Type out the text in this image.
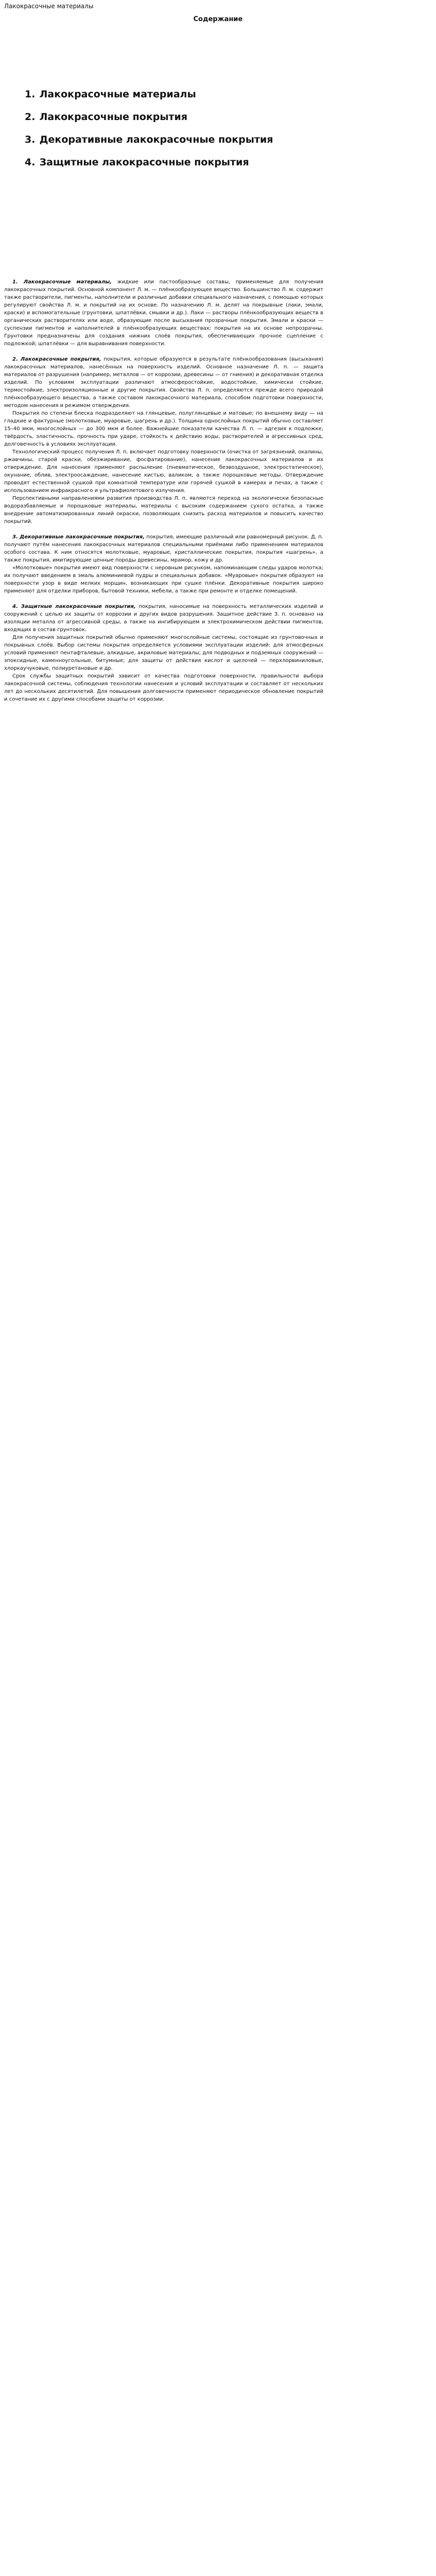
Лакокрасочные материалы
Содержание
1. Лакокрасочные материалы
2. Лакокрасочные покрытия
3. Декоративные лакокрасочные покрытия
4. Защитные лакокрасочные покрытия

1. Лакокрасочные материалы, жидкие или пастообразные составы, применяемые для получения лакокрасочных покрытий. Основной компонент Л. м. — плёнкообразующее вещество. Большинство Л. м. содержит также растворители, пигменты, наполнители и различные добавки специального назначения, с помощью которых регулируют свойства Л. м. и покрытий на их основе. По назначению Л. м. делят на покрывные (лаки, эмали, краски) и вспомогательные (грунтовки, шпатлёвки, смывки и др.). Лаки — растворы плёнкообразующих веществ в органических растворителях или воде, образующие после высыхания прозрачные покрытия. Эмали и краски — суспензии пигментов и наполнителей в плёнкообразующих веществах; покрытия на их основе непрозрачны. Грунтовки предназначены для создания нижних слоёв покрытия, обеспечивающих прочное сцепление с подложкой; шпатлёвки — для выравнивания поверхности.

2. Лакокрасочные покрытия, покрытия, которые образуются в результате плёнкообразования (высыхания) лакокрасочных материалов, нанесённых на поверхность изделий. Основное назначение Л. п. — защита материалов от разрушения (например, металлов — от коррозии, древесины — от гниения) и декоративная отделка изделий. По условиям эксплуатации различают атмосферостойкие, водостойкие, химически стойкие, термостойкие, электроизоляционные и другие покрытия. Свойства Л. п. определяются прежде всего природой плёнкообразующего вещества, а также составом лакокрасочного материала, способом подготовки поверхности, методом нанесения и режимом отверждения.

Покрытия по степени блеска подразделяют на глянцевые, полуглянцевые и матовые; по внешнему виду — на гладкие и фактурные (молотковые, муаровые, шагрень и др.). Толщина однослойных покрытий обычно составляет 15–40 мкм, многослойных — до 300 мкм и более. Важнейшие показатели качества Л. п. — адгезия к подложке, твёрдость, эластичность, прочность при ударе, стойкость к действию воды, растворителей и агрессивных сред, долговечность в условиях эксплуатации.

Технологический процесс получения Л. п. включает подготовку поверхности (очистка от загрязнений, окалины, ржавчины, старой краски, обезжиривание, фосфатирование), нанесение лакокрасочных материалов и их отверждение. Для нанесения применяют распыление (пневматическое, безвоздушное, электростатическое), окунание, облив, электроосаждение, нанесение кистью, валиком, а также порошковые методы. Отверждение проводят естественной сушкой при комнатной температуре или горячей сушкой в камерах и печах, а также с использованием инфракрасного и ультрафиолетового излучения.

Перспективными направлениями развития производства Л. п. являются переход на экологически безопасные водоразбавляемые и порошковые материалы, материалы с высоким содержанием сухого остатка, а также внедрение автоматизированных линий окраски, позволяющих снизить расход материалов и повысить качество покрытий.

3. Декоративные лакокрасочные покрытия, покрытия, имеющие различный или равномерный рисунок. Д. п. получают путём нанесения лакокрасочных материалов специальными приёмами либо применением материалов особого состава. К ним относятся молотковые, муаровые, кристаллические покрытия, покрытия «шагрень», а также покрытия, имитирующие ценные породы древесины, мрамор, кожу и др.

«Молотковые» покрытия имеют вид поверхности с неровным рисунком, напоминающим следы ударов молотка; их получают введением в эмаль алюминиевой пудры и специальных добавок. «Муаровые» покрытия образуют на поверхности узор в виде мелких морщин, возникающих при сушке плёнки. Декоративные покрытия широко применяют для отделки приборов, бытовой техники, мебели, а также при ремонте и отделке помещений.

4. Защитные лакокрасочные покрытия, покрытия, наносимые на поверхность металлических изделий и сооружений с целью их защиты от коррозии и других видов разрушения. Защитное действие З. п. основано на изоляции металла от агрессивной среды, а также на ингибирующем и электрохимическом действии пигментов, входящих в состав грунтовок.

Для получения защитных покрытий обычно применяют многослойные системы, состоящие из грунтовочных и покрывных слоёв. Выбор системы покрытия определяется условиями эксплуатации изделий: для атмосферных условий применяют пентафталевые, алкидные, акриловые материалы; для подводных и подземных сооружений — эпоксидные, каменноугольные, битумные; для защиты от действия кислот и щелочей — перхлорвиниловые, хлоркаучуковые, полиуретановые и др.

Срок службы защитных покрытий зависит от качества подготовки поверхности, правильности выбора лакокрасочной системы, соблюдения технологии нанесения и условий эксплуатации и составляет от нескольких лет до нескольких десятилетий. Для повышения долговечности применяют периодическое обновление покрытий и сочетание их с другими способами защиты от коррозии.
